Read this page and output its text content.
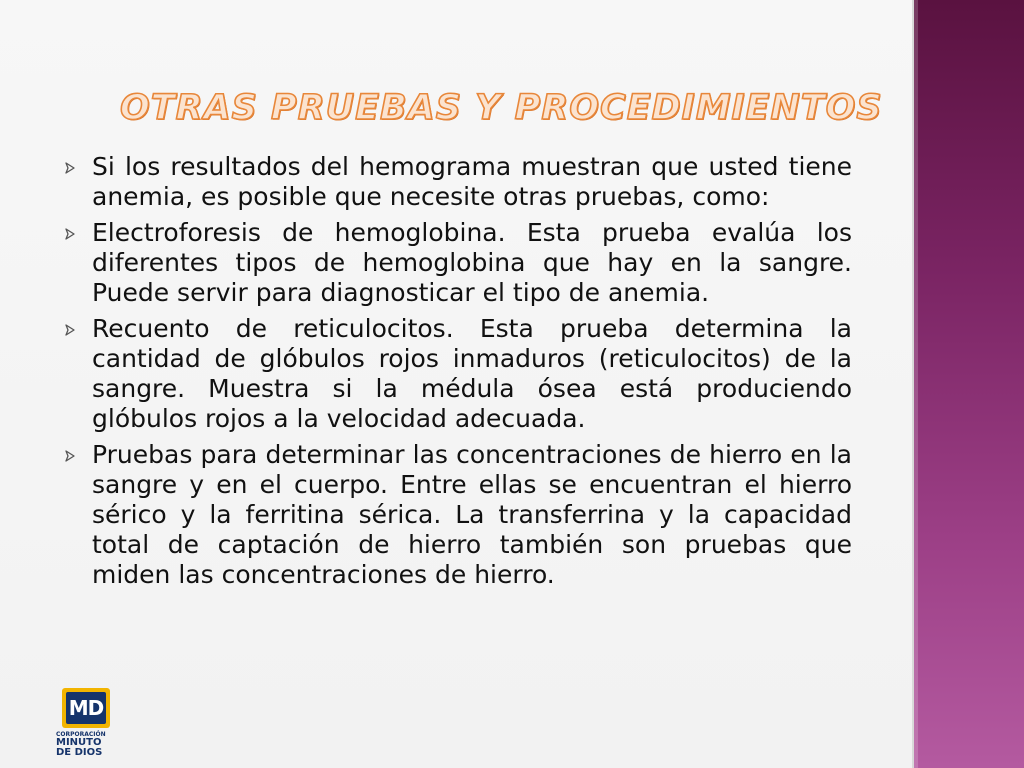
OTRAS PRUEBAS Y PROCEDIMIENTOS
Si los resultados del hemograma muestran que usted tiene anemia, es posible que necesite otras pruebas, como:
Electroforesis de hemoglobina. Esta prueba evalúa los diferentes tipos de hemoglobina que hay en la sangre. Puede servir para diagnosticar el tipo de anemia.
Recuento de reticulocitos. Esta prueba determina la cantidad de glóbulos rojos inmaduros (reticulocitos) de la sangre. Muestra si la médula ósea está produciendo glóbulos rojos a la velocidad adecuada.
Pruebas para determinar las concentraciones de hierro en la sangre y en el cuerpo. Entre ellas se encuentran el hierro sérico y la ferritina sérica. La transferrina y la capacidad total de captación de hierro también son pruebas que miden las concentraciones de hierro.
MD
CORPORACIÓN
MINUTO
DE DIOS
